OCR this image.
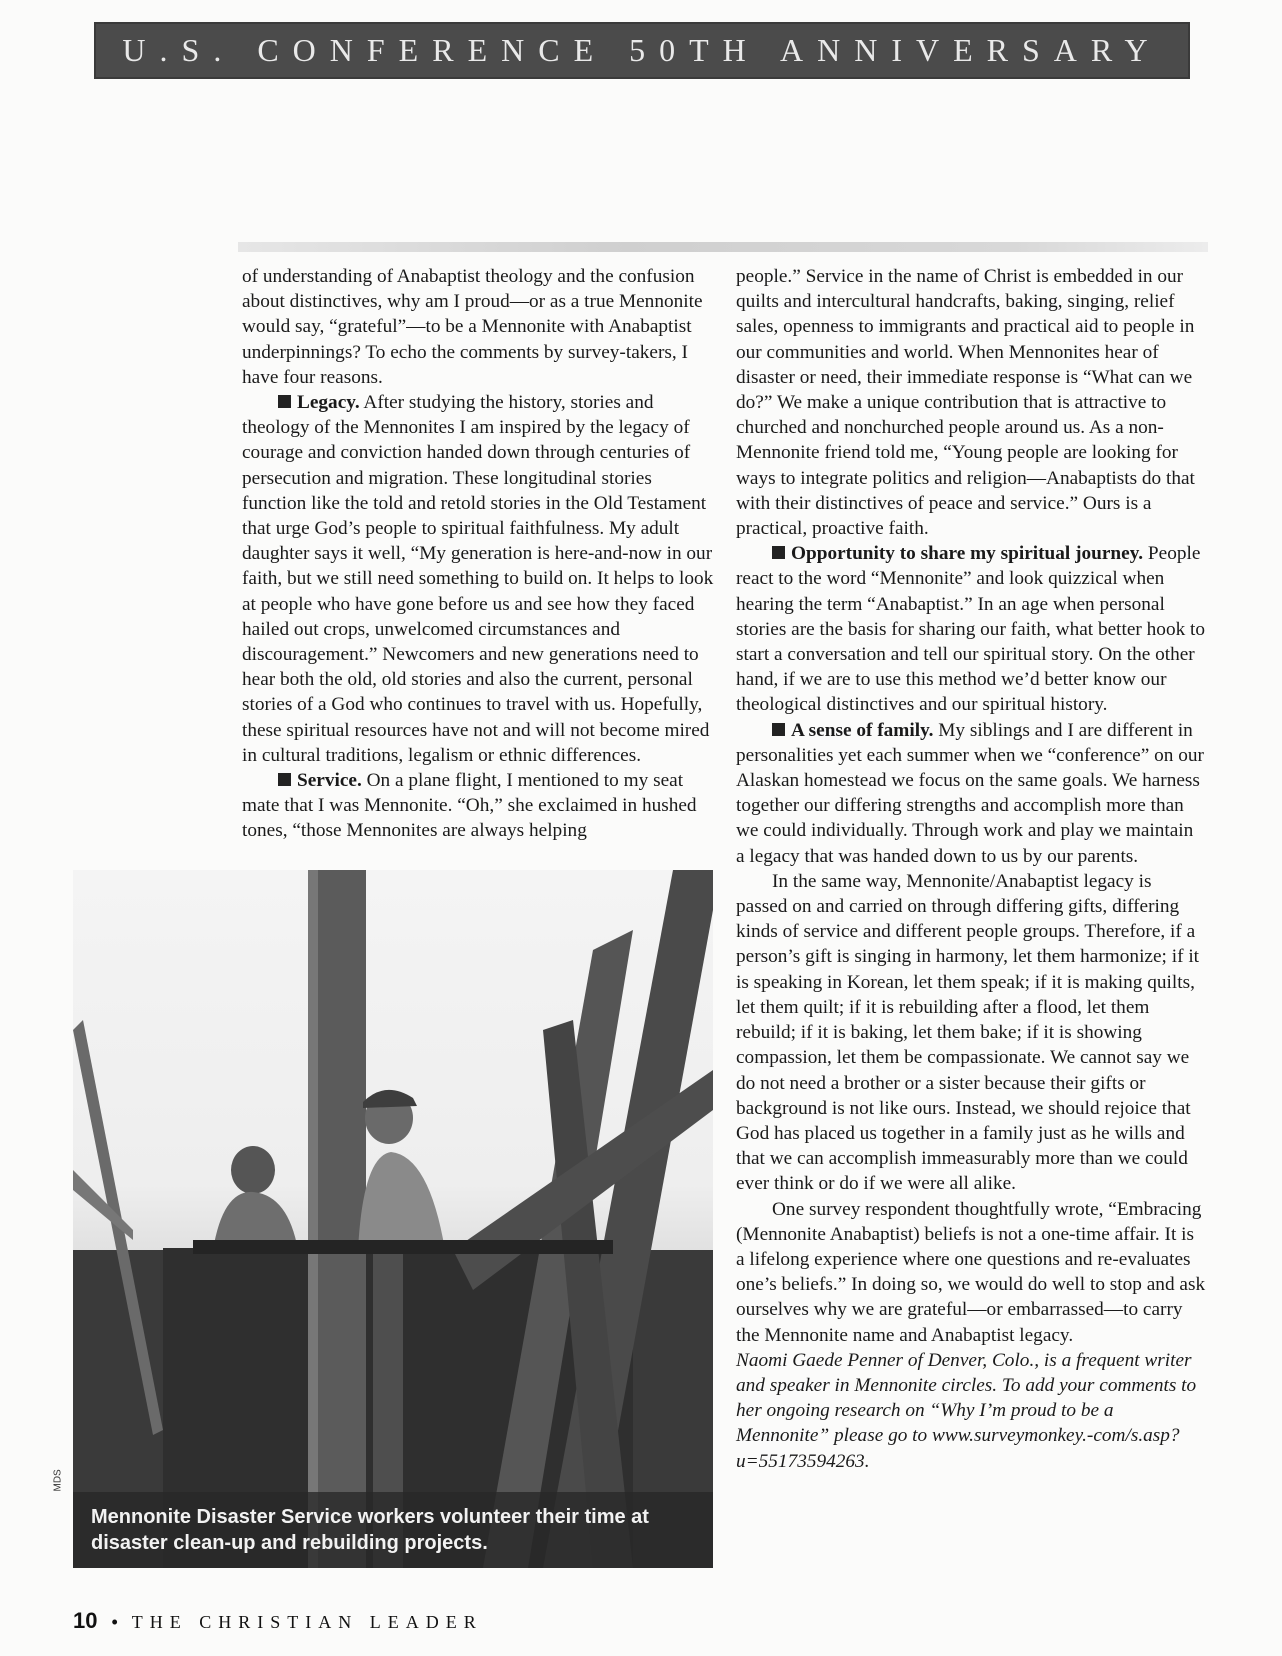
U.S. CONFERENCE 50TH ANNIVERSARY

of understanding of Anabaptist theology and the confusion about distinctives, why am I proud—or as a true Mennonite would say, “grateful”—to be a Mennonite with Anabaptist underpinnings? To echo the comments by survey-takers, I have four reasons.

Legacy. After studying the history, stories and theology of the Mennonites I am inspired by the legacy of courage and conviction handed down through centuries of persecution and migration. These longitudinal stories function like the told and retold stories in the Old Testament that urge God’s people to spiritual faithfulness. My adult daughter says it well, “My generation is here-and-now in our faith, but we still need something to build on. It helps to look at people who have gone before us and see how they faced hailed out crops, unwelcomed circumstances and discouragement.” Newcomers and new generations need to hear both the old, old stories and also the current, personal stories of a God who continues to travel with us. Hopefully, these spiritual resources have not and will not become mired in cultural traditions, legalism or ethnic differences.

Service. On a plane flight, I mentioned to my seat mate that I was Mennonite. “Oh,” she exclaimed in hushed tones, “those Mennonites are always helping

people.” Service in the name of Christ is embedded in our quilts and intercultural handcrafts, baking, singing, relief sales, openness to immigrants and practical aid to people in our communities and world. When Mennonites hear of disaster or need, their immediate response is “What can we do?” We make a unique contribution that is attractive to churched and nonchurched people around us. As a non-Mennonite friend told me, “Young people are looking for ways to integrate politics and religion—Anabaptists do that with their distinctives of peace and service.” Ours is a practical, proactive faith.

Opportunity to share my spiritual journey. People react to the word “Mennonite” and look quizzical when hearing the term “Anabaptist.” In an age when personal stories are the basis for sharing our faith, what better hook to start a conversation and tell our spiritual story. On the other hand, if we are to use this method we’d better know our theological distinctives and our spiritual history.

A sense of family. My siblings and I are different in personalities yet each summer when we “conference” on our Alaskan homestead we focus on the same goals. We harness together our differing strengths and accomplish more than we could individually. Through work and play we maintain a legacy that was handed down to us by our parents.

In the same way, Mennonite/Anabaptist legacy is passed on and carried on through differing gifts, differing kinds of service and different people groups. Therefore, if a person’s gift is singing in harmony, let them harmonize; if it is speaking in Korean, let them speak; if it is making quilts, let them quilt; if it is rebuilding after a flood, let them rebuild; if it is baking, let them bake; if it is showing compassion, let them be compassionate. We cannot say we do not need a brother or a sister because their gifts or background is not like ours. Instead, we should rejoice that God has placed us together in a family just as he wills and that we can accomplish immeasurably more than we could ever think or do if we were all alike.

One survey respondent thoughtfully wrote, “Embracing (Mennonite Anabaptist) beliefs is not a one-time affair. It is a lifelong experience where one questions and re-evaluates one’s beliefs.” In doing so, we would do well to stop and ask ourselves why we are grateful—or embarrassed—to carry the Mennonite name and Anabaptist legacy.

Naomi Gaede Penner of Denver, Colo., is a frequent writer and speaker in Mennonite circles. To add your comments to her ongoing research on “Why I’m proud to be a Mennonite” please go to www.surveymonkey.-com/s.asp?u=55173594263.

Mennonite Disaster Service workers volunteer their time at disaster clean-up and rebuilding projects.
MDS
10 • THE CHRISTIAN LEADER
